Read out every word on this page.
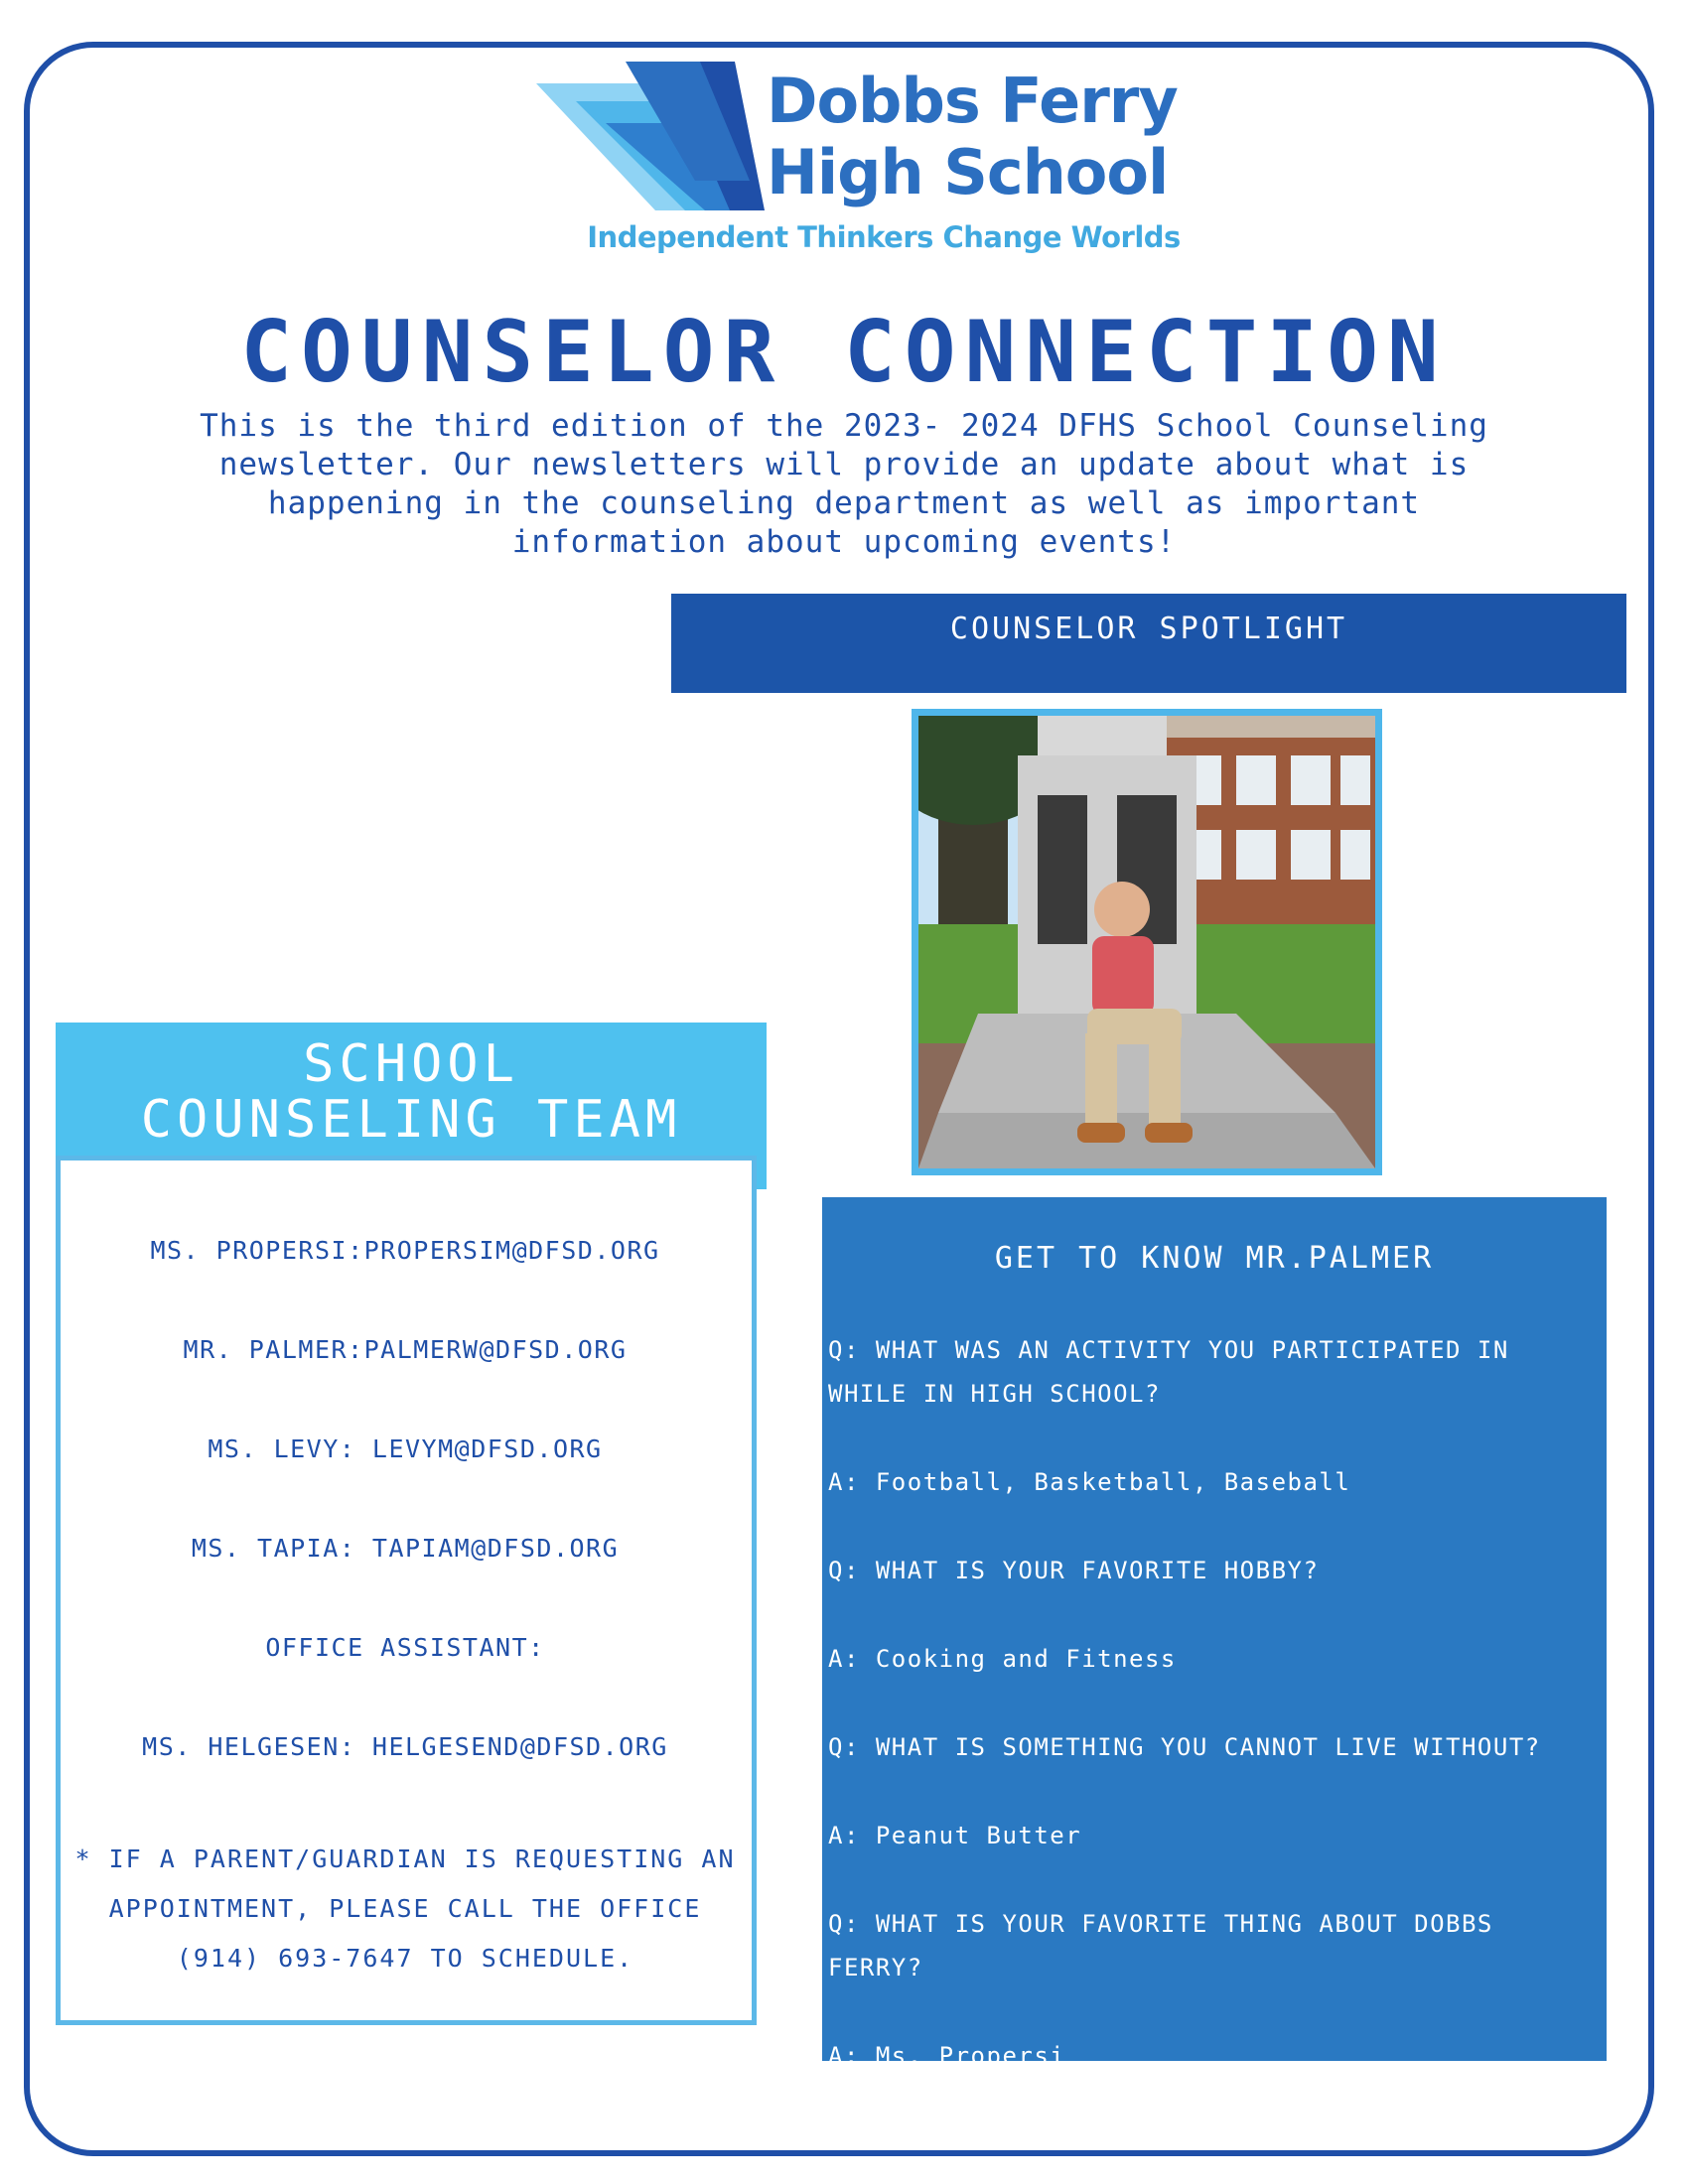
Dobbs Ferry
High School
Independent Thinkers Change Worlds
COUNSELOR CONNECTION
This is the third edition of the 2023- 2024 DFHS School Counseling
newsletter. Our newsletters will provide an update about what is
happening in the counseling department as well as important
information about upcoming events!
COUNSELOR SPOTLIGHT
SCHOOL
COUNSELING TEAM
MS. PROPERSI:PROPERSIM@DFSD.ORG
MR. PALMER:PALMERW@DFSD.ORG
MS. LEVY: LEVYM@DFSD.ORG
MS. TAPIA: TAPIAM@DFSD.ORG
OFFICE ASSISTANT:
MS. HELGESEN: HELGESEND@DFSD.ORG
* IF A PARENT/GUARDIAN IS REQUESTING AN
APPOINTMENT, PLEASE CALL THE OFFICE
(914) 693-7647 TO SCHEDULE.
GET TO KNOW MR.PALMER
Q: WHAT WAS AN ACTIVITY YOU PARTICIPATED IN WHILE IN HIGH SCHOOL?
A: Football, Basketball, Baseball
Q: WHAT IS YOUR FAVORITE HOBBY?
A: Cooking and Fitness
Q: WHAT IS SOMETHING YOU CANNOT LIVE WITHOUT?
A: Peanut Butter
Q: WHAT IS YOUR FAVORITE THING ABOUT DOBBS FERRY?
A: Ms. Propersi
